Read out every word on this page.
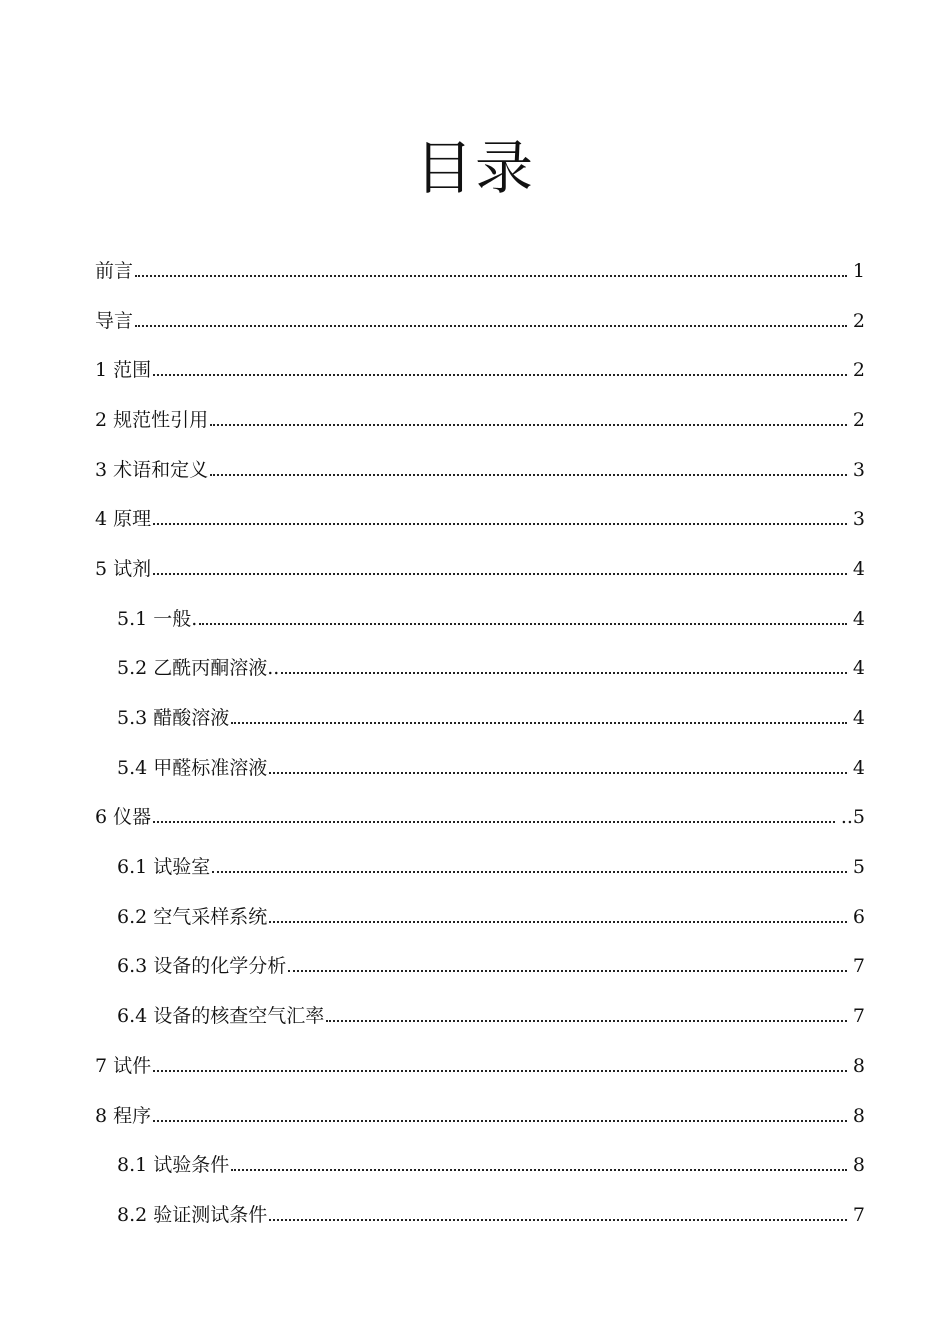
目录
前言	1
导言	2
1 范围	2
2 规范性引用	2
3 术语和定义	3
4 原理	3
5 试剂	4
5.1 一般.	4
5.2 乙酰丙酮溶液..	4
5.3 醋酸溶液	4
5.4 甲醛标准溶液	4
6 仪器	..5
6.1 试验室	5
6.2 空气采样系统	6
6.3 设备的化学分析	7
6.4 设备的核查空气汇率	7
7 试件	8
8 程序	8
8.1 试验条件	8
8.2 验证测试条件	7
